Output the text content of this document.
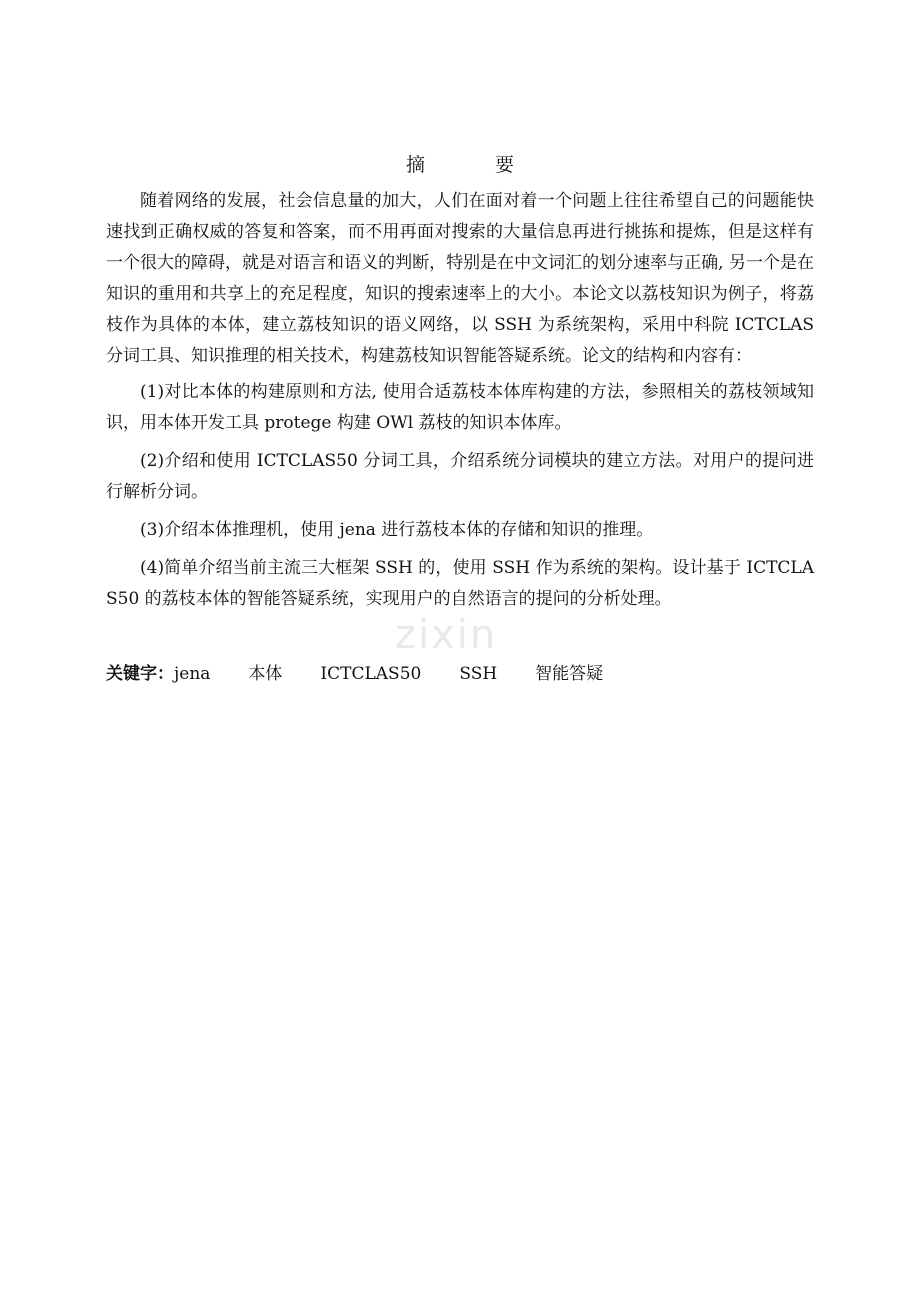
摘	要

随着网络的发展，社会信息量的加大，人们在面对着一个问题上往往希望自己的问题能快速找到正确权威的答复和答案，而不用再面对搜索的大量信息再进行挑拣和提炼，但是这样有一个很大的障碍，就是对语言和语义的判断，特别是在中文词汇的划分速率与正确, 另一个是在知识的重用和共享上的充足程度，知识的搜索速率上的大小。本论文以荔枝知识为例子，将荔枝作为具体的本体，建立荔枝知识的语义网络，以 SSH 为系统架构，采用中科院 ICTCLAS 分词工具、知识推理的相关技术，构建荔枝知识智能答疑系统。论文的结构和内容有：

(1)对比本体的构建原则和方法, 使用合适荔枝本体库构建的方法，参照相关的荔枝领域知识，用本体开发工具 protege 构建 OWl 荔枝的知识本体库。

(2)介绍和使用 ICTCLAS50 分词工具，介绍系统分词模块的建立方法。对用户的提问进行解析分词。

(3)介绍本体推理机，使用 jena 进行荔枝本体的存储和知识的推理。

(4)简单介绍当前主流三大框架 SSH 的，使用 SSH 作为系统的架构。设计基于 ICTCLAS50 的荔枝本体的智能答疑系统，实现用户的自然语言的提问的分析处理。

关键字：jena 本体 ICTCLAS50 SSH 智能答疑
zixin
